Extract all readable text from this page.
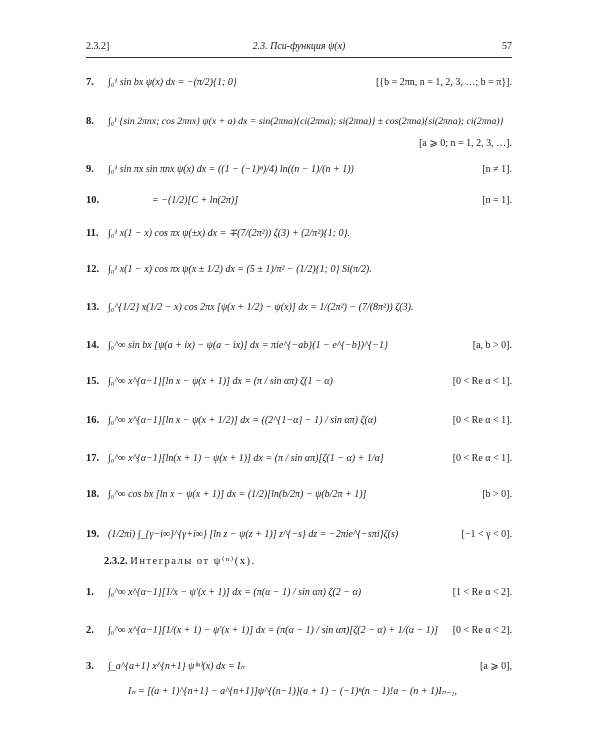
2.3.2]	2.3. Пси-функция ψ(x)	57
7. ∫₀¹ sin bx ψ(x) dx = −(π/2){1; 0}	[{b = 2πn, n = 1, 2, 3, …; b = π}].
8. ∫₀¹ {sin 2πnx; cos 2πnx} ψ(x + a) dx = sin(2πna){ci(2πna); si(2πna)} ± cos(2πna){si(2πna); ci(2πna)}
[a ⩾ 0; n = 1, 2, 3, …].
9. ∫₀¹ sin πx sin πnx ψ(x) dx = ((1 − (−1)ⁿ)/4) ln((n − 1)/(n + 1))	[n ≠ 1].
10.	= −(1/2)[C + ln(2π)]	[n = 1].
11. ∫₀¹ x(1 − x) cos πx ψ(±x) dx = ∓(7/(2π²)) ζ(3) + (2/π²){1; 0}.
12. ∫₀¹ x(1 − x) cos πx ψ(x ± 1/2) dx = (5 ± 1)/π² − (1/2){1; 0} Si(π/2).
13. ∫₀^{1/2} x(1/2 − x) cos 2πx [ψ(x + 1/2) − ψ(x)] dx = 1/(2π²) − (7/(8π²)) ζ(3).
14. ∫₀^∞ sin bx [ψ(a + ix) − ψ(a − ix)] dx = πie^{−ab}(1 − e^{−b})^{−1}	[a, b > 0].
15. ∫₀^∞ x^{α−1}[ln x − ψ(x + 1)] dx = (π / sin απ) ζ(1 − α)	[0 < Re α < 1].
16. ∫₀^∞ x^{α−1}[ln x − ψ(x + 1/2)] dx = ((2^{1−α} − 1) / sin απ) ζ(α)	[0 < Re α < 1].
17. ∫₀^∞ x^{α−1}[ln(x + 1) − ψ(x + 1)] dx = (π / sin απ)[ζ(1 − α) + 1/α]	[0 < Re α < 1].
18. ∫₀^∞ cos bx [ln x − ψ(x + 1)] dx = (1/2)[ln(b/2π) − ψ(b/2π + 1)]	[b > 0].
19. (1/2πi) ∫_{γ−i∞}^{γ+i∞} [ln z − ψ(z + 1)] z^{−s} dz = −2πie^{−sπi}ζ(s)	[−1 < γ < 0].
2.3.2. Интегралы от ψ⁽ⁿ⁾(x).
1. ∫₀^∞ x^{α−1}[1/x − ψ′(x + 1)] dx = (π(α − 1) / sin απ) ζ(2 − α)	[1 < Re α < 2].
2. ∫₀^∞ x^{α−1}[1/(x + 1) − ψ′(x + 1)] dx = (π(α − 1) / sin απ)[ζ(2 − α) + 1/(α − 1)] [0 < Re α < 2].
3. ∫_a^{a+1} x^{n+1} ψ⁽ⁿ⁾(x) dx = Iₙ	[a ⩾ 0],
Iₙ = [(a + 1)^{n+1} − a^{n+1}]ψ^{(n−1)}(a + 1) − (−1)ⁿ(n − 1)!a − (n + 1)Iₙ₋₁,
